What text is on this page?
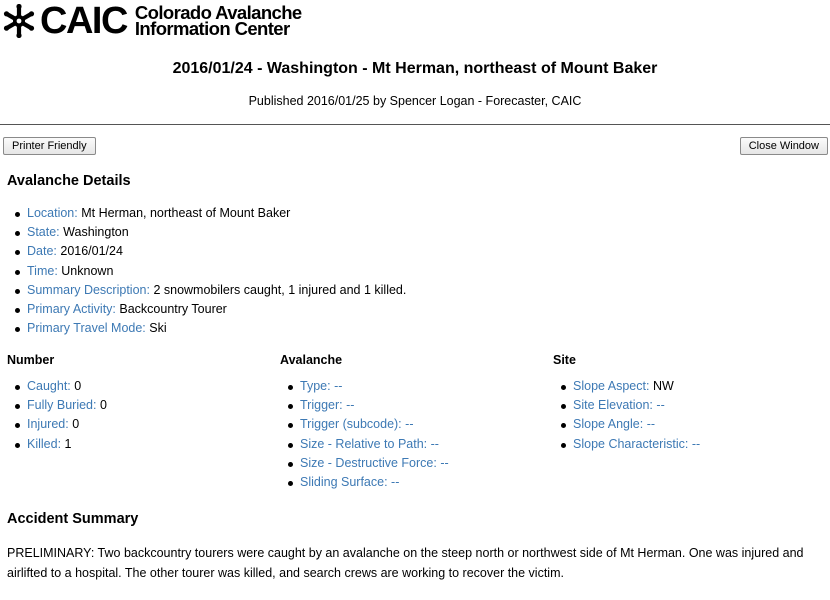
CAIC Colorado Avalanche
Information Center
2016/01/24 - Washington - Mt Herman, northeast of Mount Baker
Published 2016/01/25 by Spencer Logan - Forecaster, CAIC
Printer Friendly	Close Window
Avalanche Details
Location: Mt Herman, northeast of Mount Baker
State: Washington
Date: 2016/01/24
Time: Unknown
Summary Description: 2 snowmobilers caught, 1 injured and 1 killed.
Primary Activity: Backcountry Tourer
Primary Travel Mode: Ski
Number
Caught: 0
Fully Buried: 0
Injured: 0
Killed: 1
Avalanche
Type: --
Trigger: --
Trigger (subcode): --
Size - Relative to Path: --
Size - Destructive Force: --
Sliding Surface: --
Site
Slope Aspect: NW
Site Elevation: --
Slope Angle: --
Slope Characteristic: --
Accident Summary

PRELIMINARY: Two backcountry tourers were caught by an avalanche on the steep north or northwest side of Mt Herman. One was injured and airlifted to a hospital. The other tourer was killed, and search crews are working to recover the victim.
